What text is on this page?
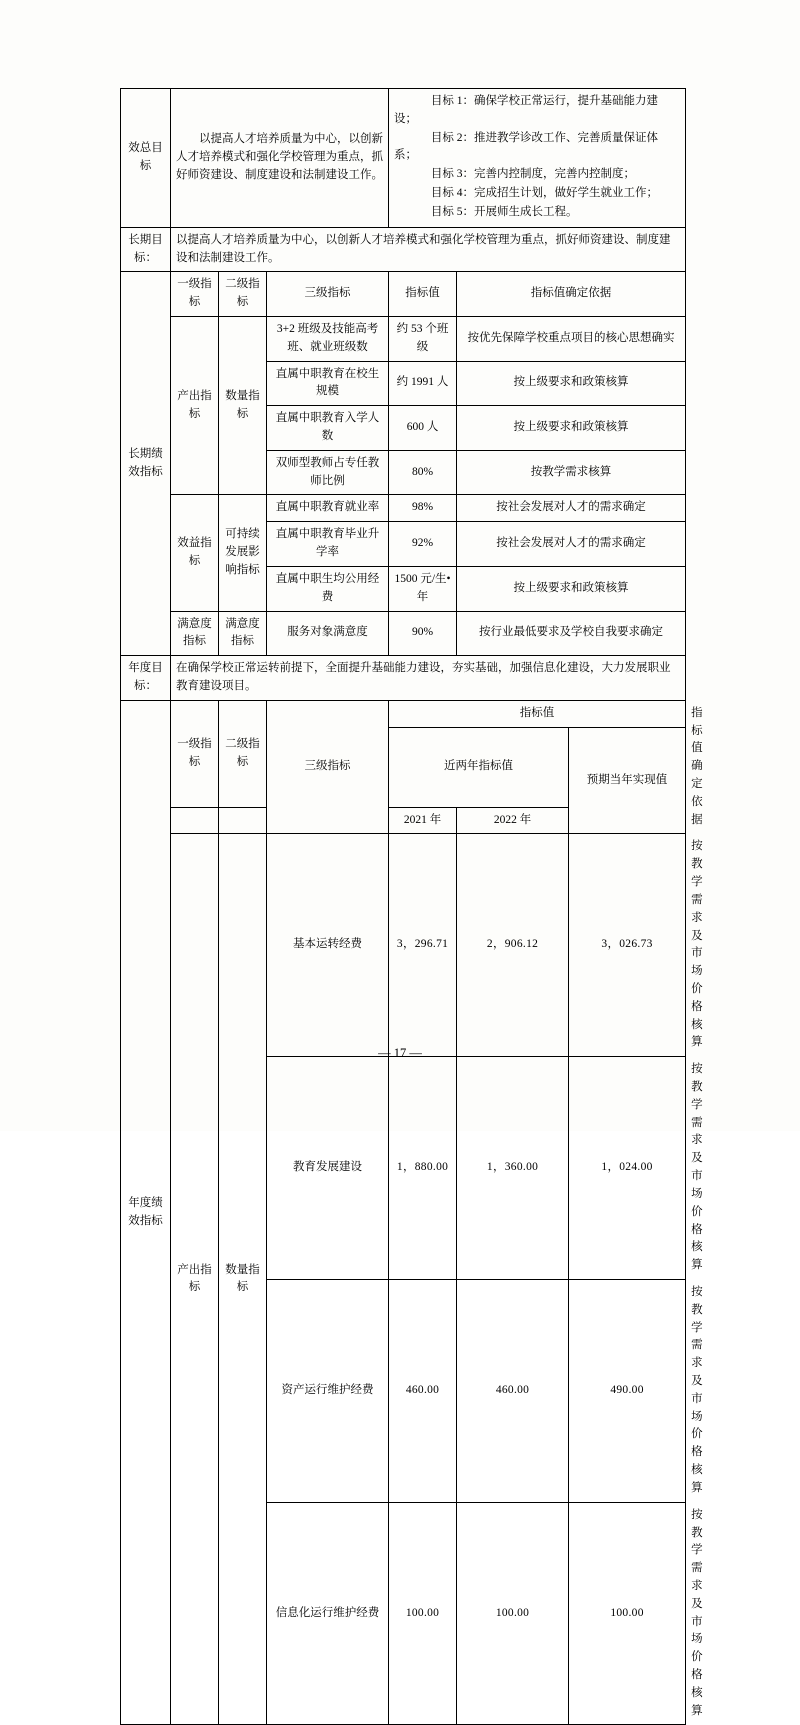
效总目标	以提高人才培养质量为中心，以创新人才培养模式和强化学校管理为重点，抓好师资建设、制度建设和法制建设工作。			目标 1：确保学校正常运行，提升基础能力建设；

目标 2：推进教学诊改工作、完善质量保证体系；

目标 3：完善内控制度，完善内控制度；

目标 4：完成招生计划，做好学生就业工作；

目标 5：开展师生成长工程。			

长期目标：	以提高人才培养质量为中心，以创新人才培养模式和强化学校管理为重点，抓好师资建设、制度建设和法制建设工作。						

长期绩效指标	一级指标	二级指标	三级指标	指标值	指标值确定依据		
	产出指标	数量指标	3+2 班级及技能高考班、就业班级数	约 53 个班级	按优先保障学校重点项目的核心思想确实		
			直属中职教育在校生规模	约 1991 人	按上级要求和政策核算		
			直属中职教育入学人数	600 人	按上级要求和政策核算		
			双师型教师占专任教师比例	80%	按教学需求核算		
	效益指标	可持续发展影响指标	直属中职教育就业率	98%	按社会发展对人才的需求确定		
			直属中职教育毕业升学率	92%	按社会发展对人才的需求确定		
			直属中职生均公用经费	1500 元/生•年	按上级要求和政策核算		
	满意度指标	满意度指标	服务对象满意度	90%	按行业最低要求及学校自我要求确定		
年度目标：	在确保学校正常运转前提下，全面提升基础能力建设，夯实基础，加强信息化建设，大力发展职业教育建设项目。						

年度绩效指标	一级指标	二级指标	三级指标	指标值			指标值确定依据
				近两年指标值		预期当年实现值	
				2021 年	2022 年		
	产出指标	数量指标	基本运转经费	3，296.71	2，906.12	3，026.73	按教学需求及市场价格核算
			教育发展建设	1，880.00	1，360.00	1，024.00	按教学需求及市场价格核算
			资产运行维护经费	460.00	460.00	490.00	按教学需求及市场价格核算
			信息化运行维护经费	100.00	100.00	100.00	按教学需求及市场价格核算
— 17 —
